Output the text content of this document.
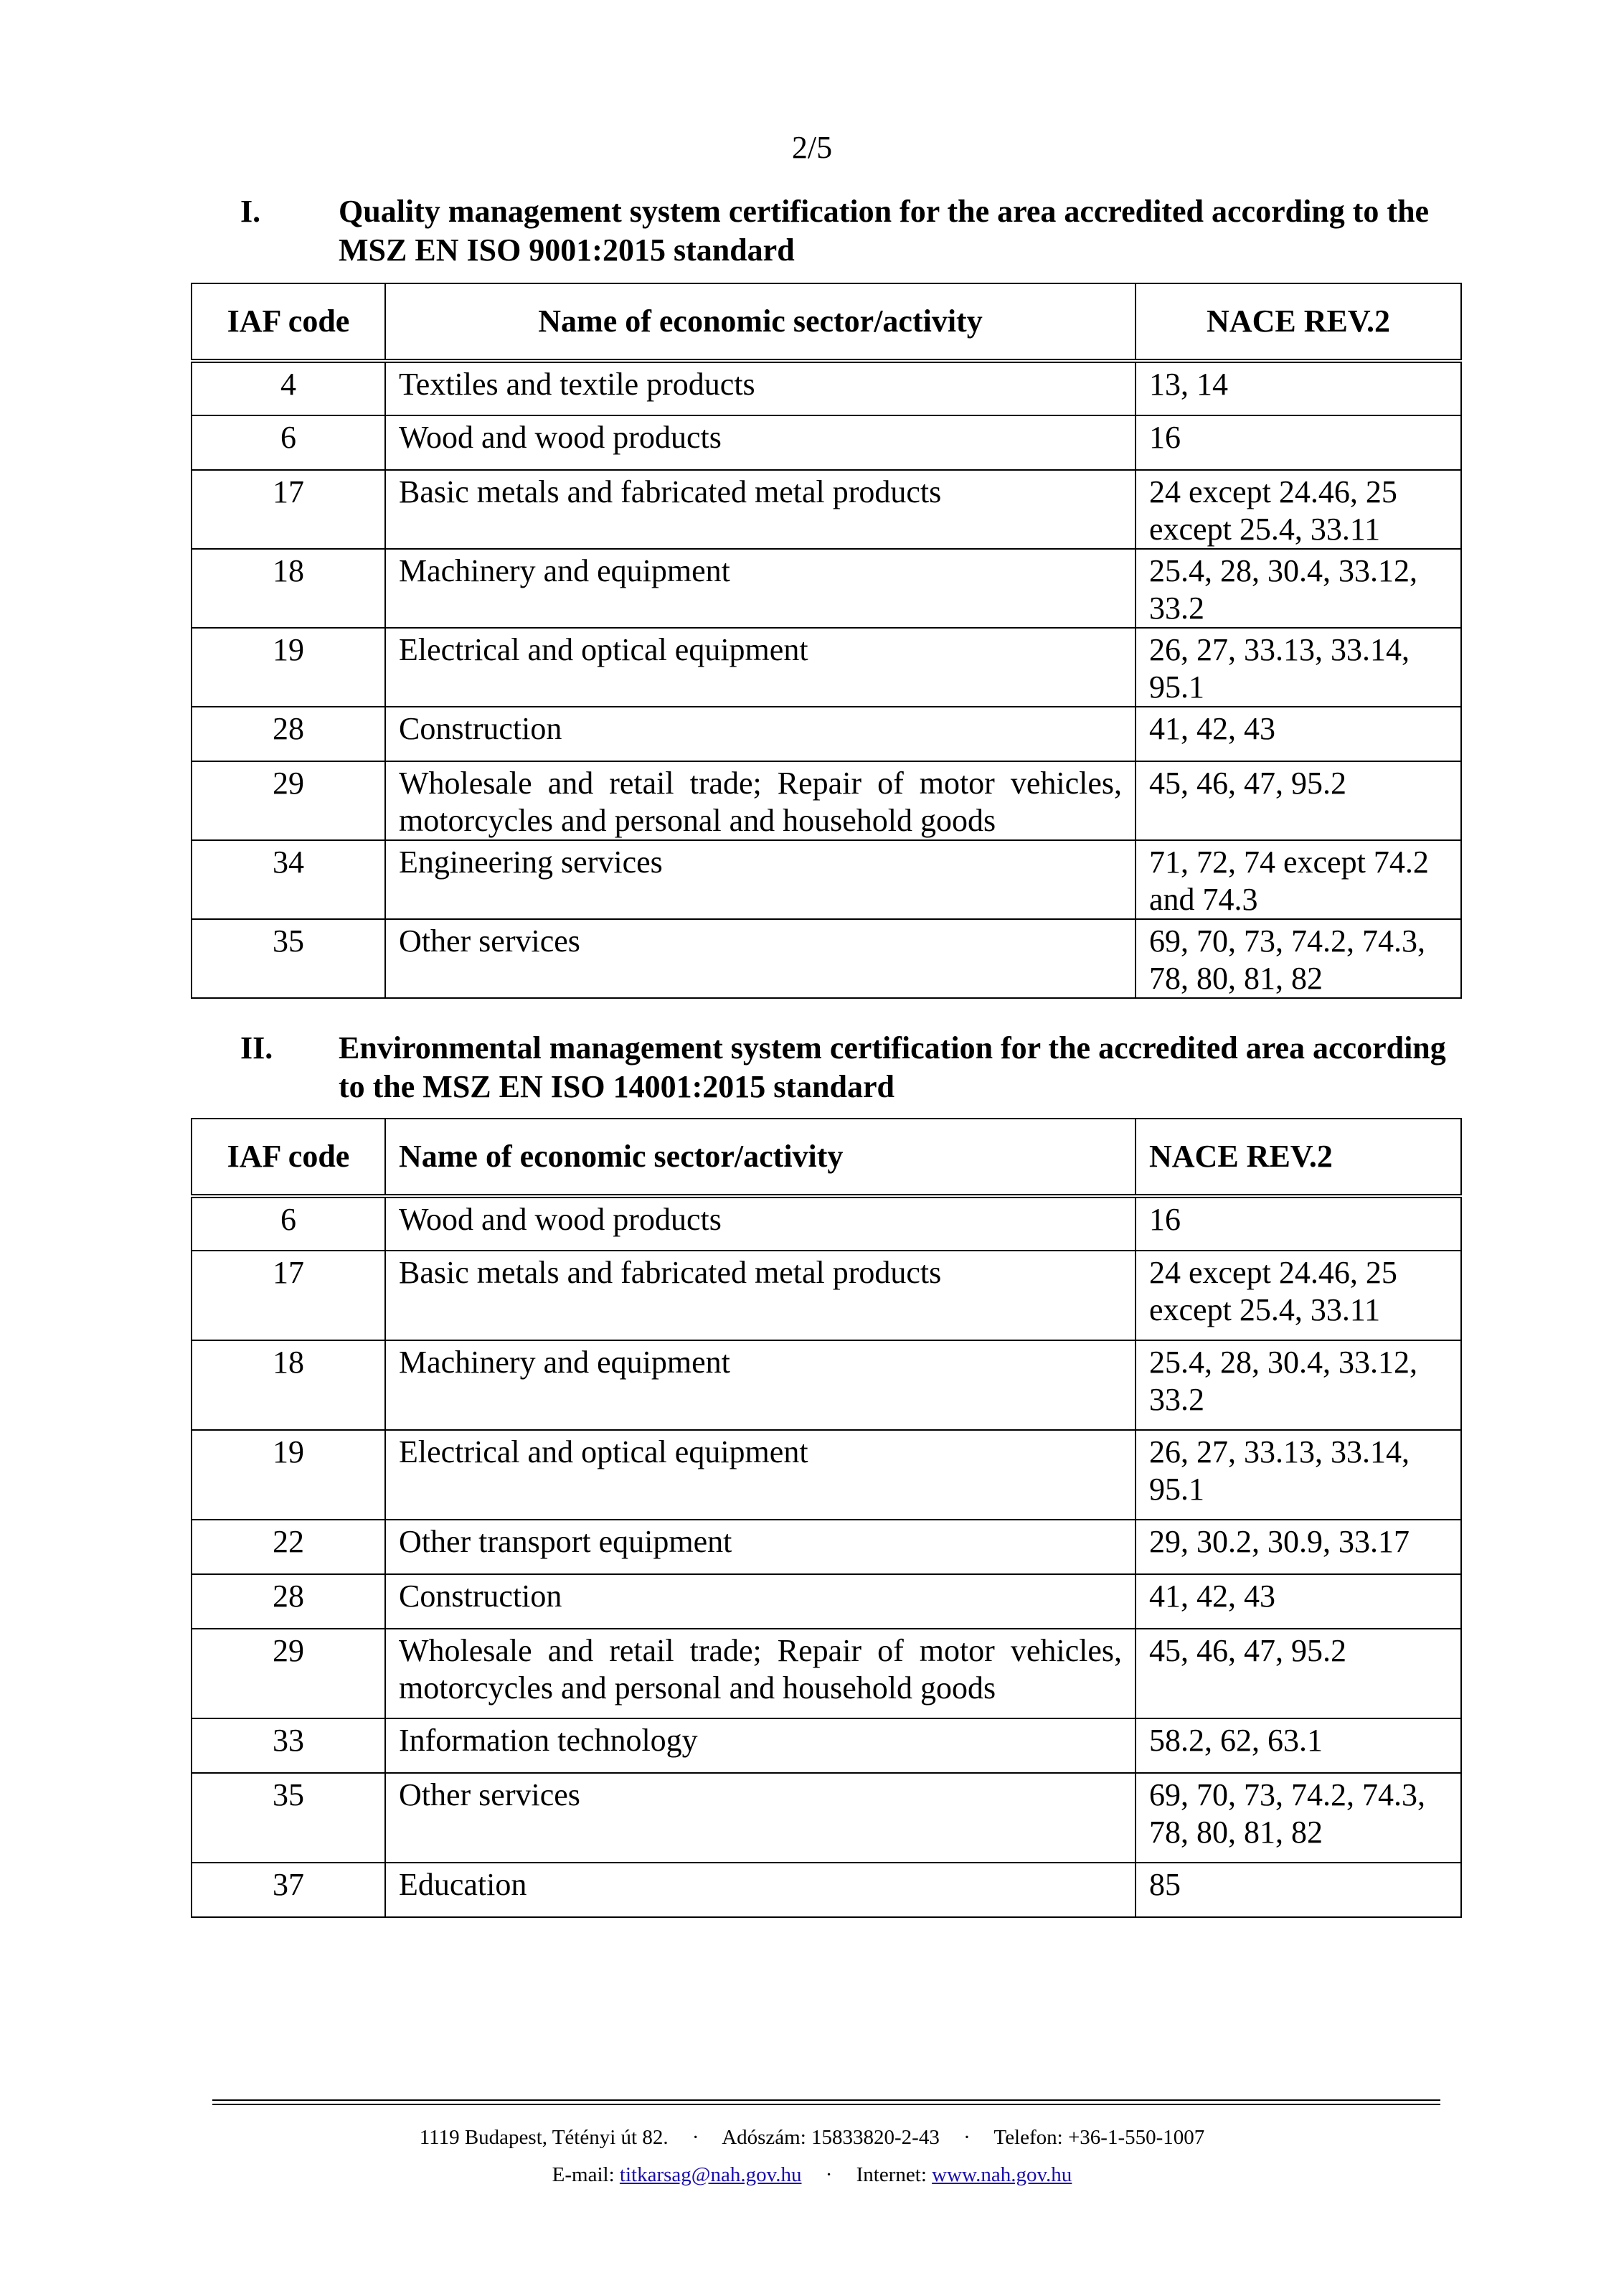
2/5
I. Quality management system certification for the area accredited according to the MSZ EN ISO 9001:2015 standard
IAF code	Name of economic sector/activity	NACE REV.2

4	Textiles and textile products	13, 14

6	Wood and wood products	16

17	Basic metals and fabricated metal products	24 except 24.46, 25 except 25.4, 33.11

18	Machinery and equipment	25.4, 28, 30.4, 33.12, 33.2

19	Electrical and optical equipment	26, 27, 33.13, 33.14, 95.1

28	Construction	41, 42, 43

29	Wholesale and retail trade; Repair of motor vehicles, motorcycles and personal and household goods	45, 46, 47, 95.2

34	Engineering services	71, 72, 74 except 74.2 and 74.3

35	Other services	69, 70, 73, 74.2, 74.3, 78, 80, 81, 82
II. Environmental management system certification for the accredited area according to the MSZ EN ISO 14001:2015 standard
IAF code	Name of economic sector/activity	NACE REV.2

6	Wood and wood products	16

17	Basic metals and fabricated metal products	24 except 24.46, 25 except 25.4, 33.11

18	Machinery and equipment	25.4, 28, 30.4, 33.12, 33.2

19	Electrical and optical equipment	26, 27, 33.13, 33.14, 95.1

22	Other transport equipment	29, 30.2, 30.9, 33.17

28	Construction	41, 42, 43

29	Wholesale and retail trade; Repair of motor vehicles, motorcycles and personal and household goods	45, 46, 47, 95.2

33	Information technology	58.2, 62, 63.1

35	Other services	69, 70, 73, 74.2, 74.3, 78, 80, 81, 82

37	Education	85
1119 Budapest, Tétényi út 82. · Adószám: 15833820-2-43 · Telefon: +36-1-550-1007
E-mail: titkarsag@nah.gov.hu · Internet: www.nah.gov.hu
